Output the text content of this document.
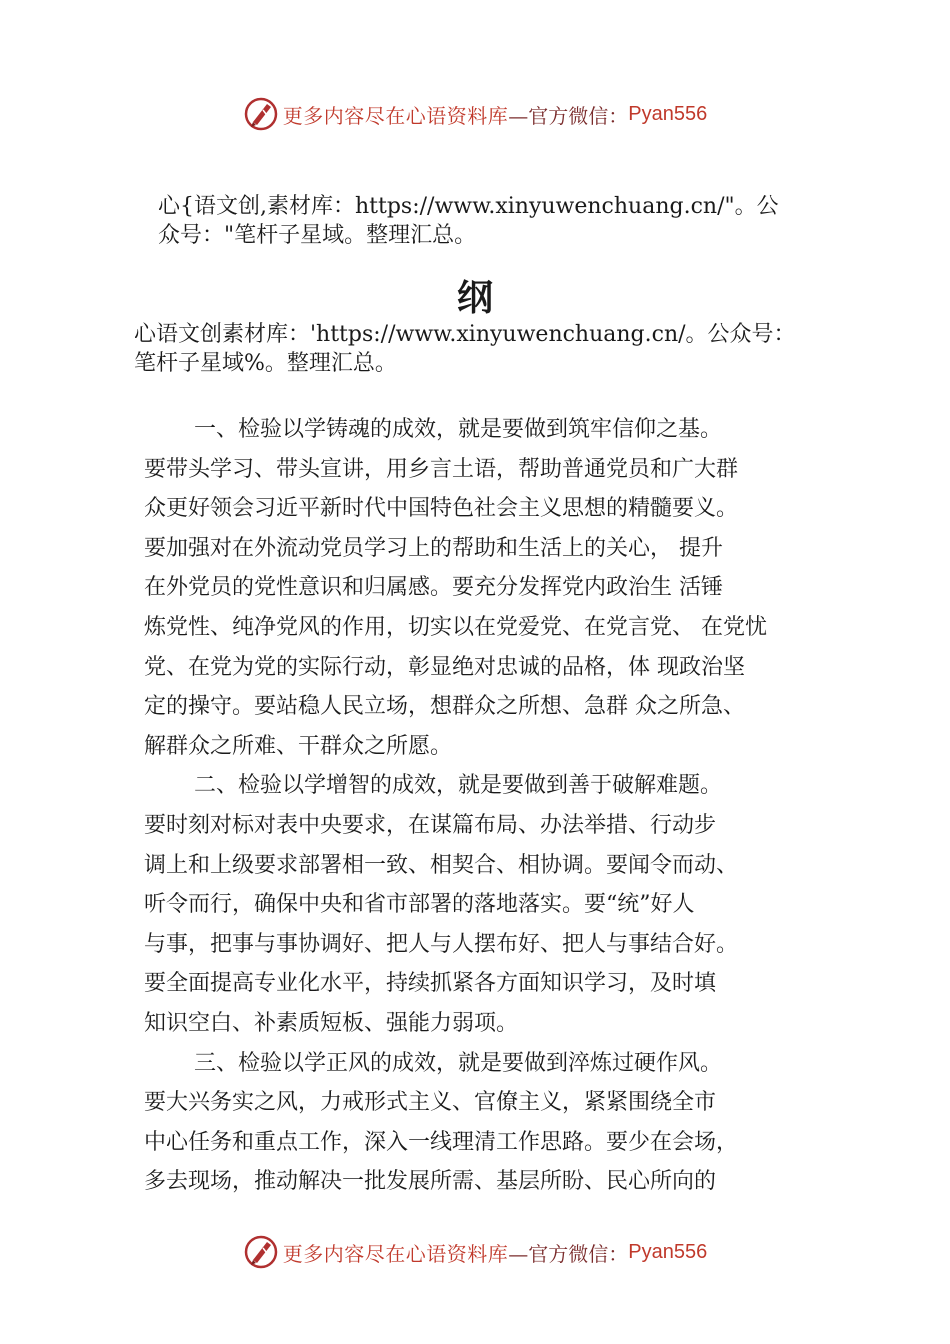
更多内容尽在心语资料库 —官方微信： Pyan556
心{语文创,素材库：https://www.xinyuwenchuang.cn/"。公
众号："笔杆子星域。整理汇总。
纲
心语文创素材库：'https://www.xinyuwenchuang.cn/。公众号：
笔杆子星域%。整理汇总。
一、检验以学铸魂的成效，就是要做到筑牢信仰之基。
要带头学习、带头宣讲，用乡言土语，帮助普通党员和广大群
众更好领会习近平新时代中国特色社会主义思想的精髓要义。
要加强对在外流动党员学习上的帮助和生活上的关心， 提升
在外党员的党性意识和归属感。要充分发挥党内政治生 活锤
炼党性、纯净党风的作用，切实以在党爱党、在党言党、 在党忧
党、在党为党的实际行动，彰显绝对忠诚的品格，体 现政治坚
定的操守。要站稳人民立场，想群众之所想、急群 众之所急、
解群众之所难、干群众之所愿。
二、检验以学增智的成效，就是要做到善于破解难题。
要时刻对标对表中央要求，在谋篇布局、办法举措、行动步
调上和上级要求部署相一致、相契合、相协调。要闻令而动、
听令而行，确保中央和省市部署的落地落实。要“统”好人
与事，把事与事协调好、把人与人摆布好、把人与事结合好。
要全面提高专业化水平，持续抓紧各方面知识学习，及时填
知识空白、补素质短板、强能力弱项。
三、检验以学正风的成效，就是要做到淬炼过硬作风。
要大兴务实之风，力戒形式主义、官僚主义，紧紧围绕全市
中心任务和重点工作，深入一线理清工作思路。要少在会场，
多去现场，推动解决一批发展所需、基层所盼、民心所向的
更多内容尽在心语资料库 —官方微信： Pyan556
